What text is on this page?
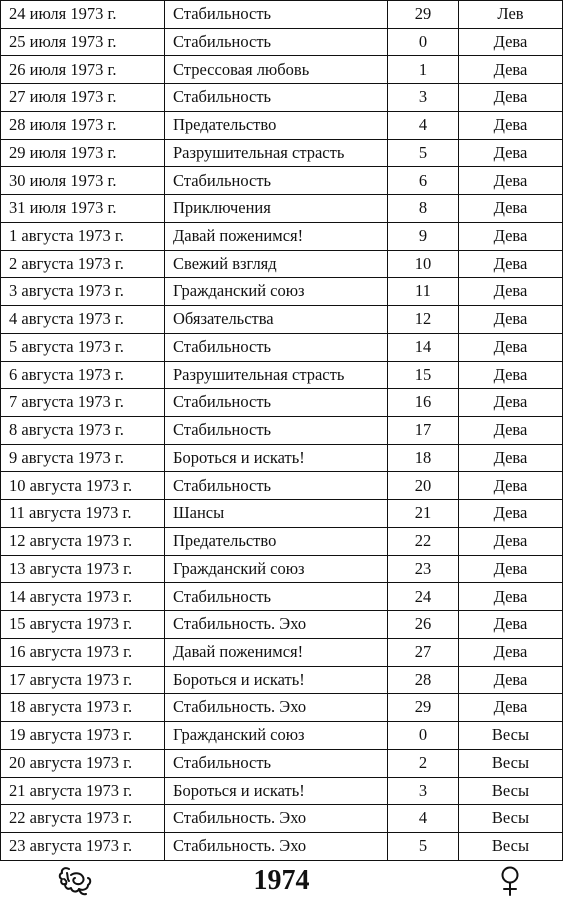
24 июля 1973 г.	Стабильность	29	Лев
25 июля 1973 г.	Стабильность	0	Дева
26 июля 1973 г.	Стрессовая любовь	1	Дева
27 июля 1973 г.	Стабильность	3	Дева
28 июля 1973 г.	Предательство	4	Дева
29 июля 1973 г.	Разрушительная страсть	5	Дева
30 июля 1973 г.	Стабильность	6	Дева
31 июля 1973 г.	Приключения	8	Дева
1 августа 1973 г.	Давай поженимся!	9	Дева
2 августа 1973 г.	Свежий взгляд	10	Дева
3 августа 1973 г.	Гражданский союз	11	Дева
4 августа 1973 г.	Обязательства	12	Дева
5 августа 1973 г.	Стабильность	14	Дева
6 августа 1973 г.	Разрушительная страсть	15	Дева
7 августа 1973 г.	Стабильность	16	Дева
8 августа 1973 г.	Стабильность	17	Дева
9 августа 1973 г.	Бороться и искать!	18	Дева
10 августа 1973 г.	Стабильность	20	Дева
11 августа 1973 г.	Шансы	21	Дева
12 августа 1973 г.	Предательство	22	Дева
13 августа 1973 г.	Гражданский союз	23	Дева
14 августа 1973 г.	Стабильность	24	Дева
15 августа 1973 г.	Стабильность. Эхо	26	Дева
16 августа 1973 г.	Давай поженимся!	27	Дева
17 августа 1973 г.	Бороться и искать!	28	Дева
18 августа 1973 г.	Стабильность. Эхо	29	Дева
19 августа 1973 г.	Гражданский союз	0	Весы
20 августа 1973 г.	Стабильность	2	Весы
21 августа 1973 г.	Бороться и искать!	3	Весы
22 августа 1973 г.	Стабильность. Эхо	4	Весы
23 августа 1973 г.	Стабильность. Эхо	5	Весы
1974
